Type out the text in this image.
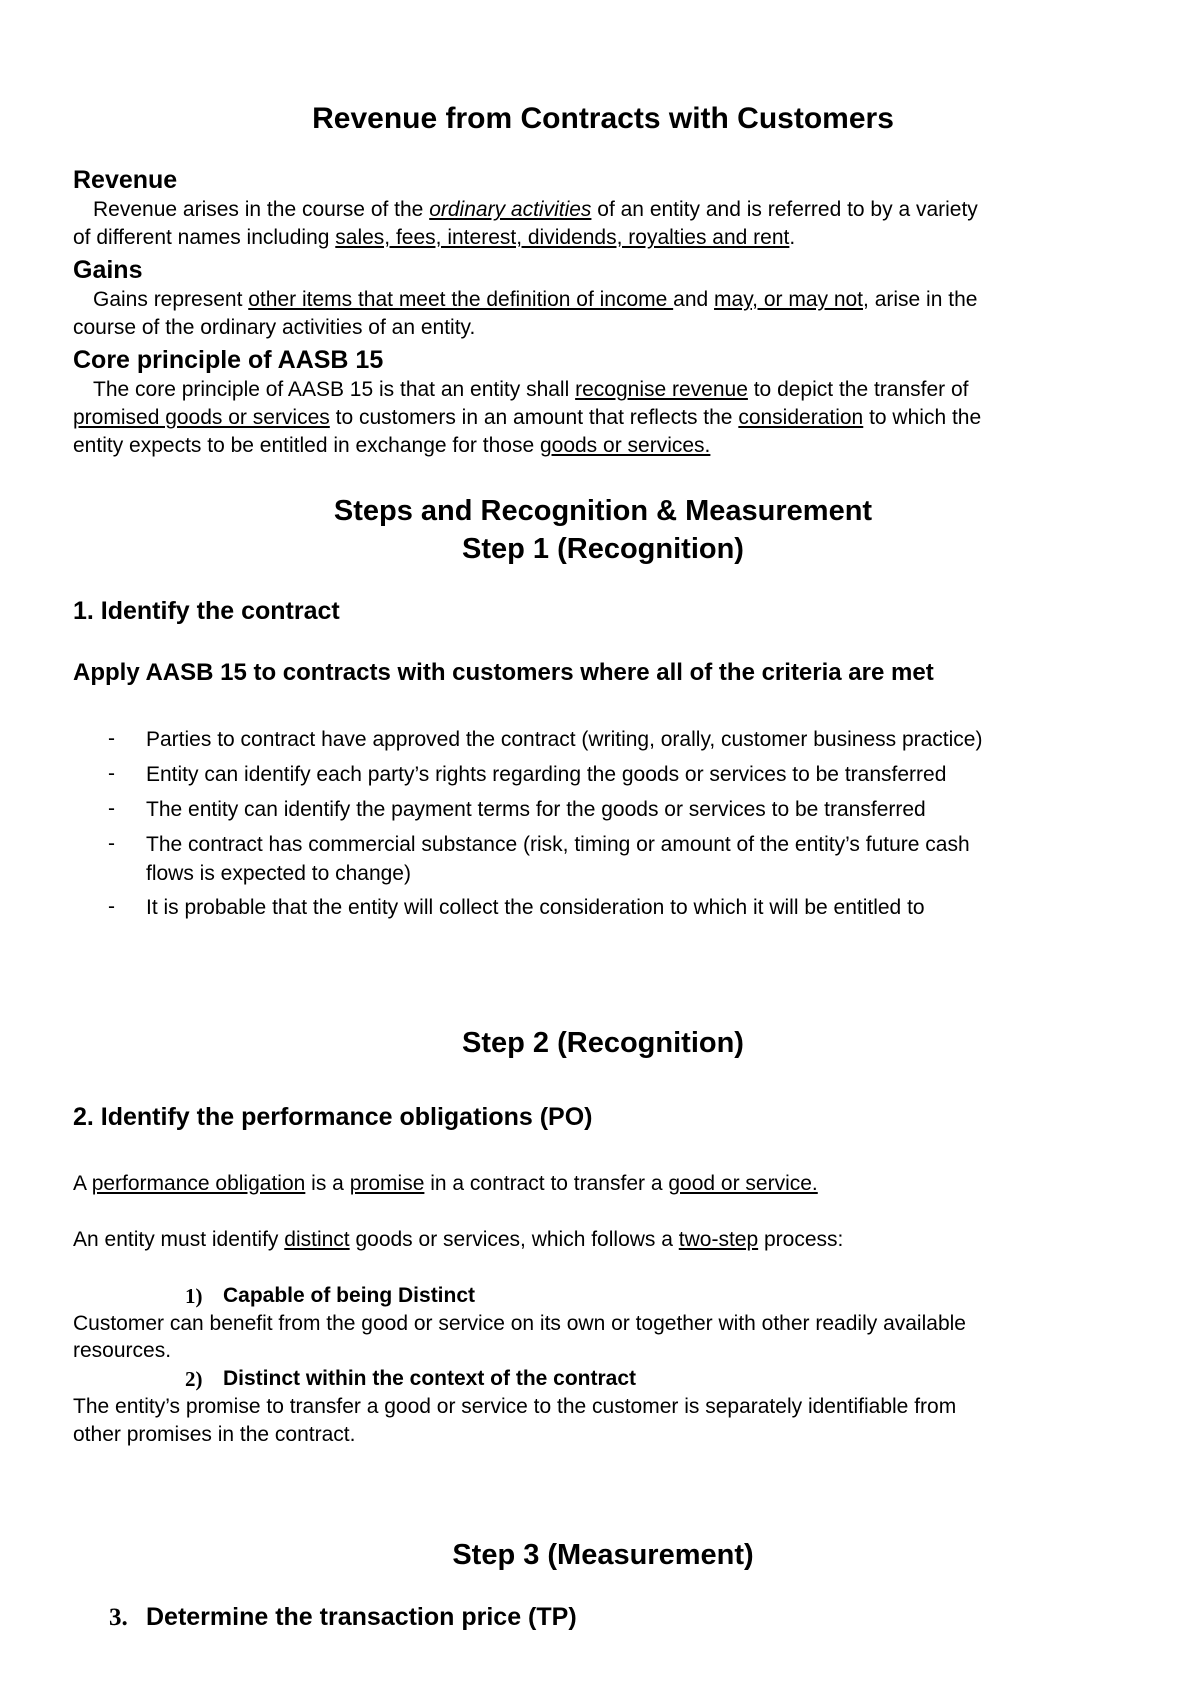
Revenue from Contracts with Customers
Revenue
Revenue arises in the course of the ordinary activities of an entity and is referred to by a variety
of different names including sales, fees, interest, dividends, royalties and rent.
Gains
Gains represent other items that meet the definition of income and may, or may not, arise in the
course of the ordinary activities of an entity.
Core principle of AASB 15
The core principle of AASB 15 is that an entity shall recognise revenue to depict the transfer of
promised goods or services to customers in an amount that reflects the consideration to which the
entity expects to be entitled in exchange for those goods or services.
Steps and Recognition & Measurement
Step 1 (Recognition)
1. Identify the contract
Apply AASB 15 to contracts with customers where all of the criteria are met
- Parties to contract have approved the contract (writing, orally, customer business practice)
- Entity can identify each party’s rights regarding the goods or services to be transferred
- The entity can identify the payment terms for the goods or services to be transferred
- The contract has commercial substance (risk, timing or amount of the entity’s future cash
flows is expected to change)
- It is probable that the entity will collect the consideration to which it will be entitled to
Step 2 (Recognition)
2. Identify the performance obligations (PO)
A performance obligation is a promise in a contract to transfer a good or service.
An entity must identify distinct goods or services, which follows a two-step process:
1) Capable of being Distinct
Customer can benefit from the good or service on its own or together with other readily available
resources.
2) Distinct within the context of the contract
The entity’s promise to transfer a good or service to the customer is separately identifiable from
other promises in the contract.
Step 3 (Measurement)
3. Determine the transaction price (TP)
